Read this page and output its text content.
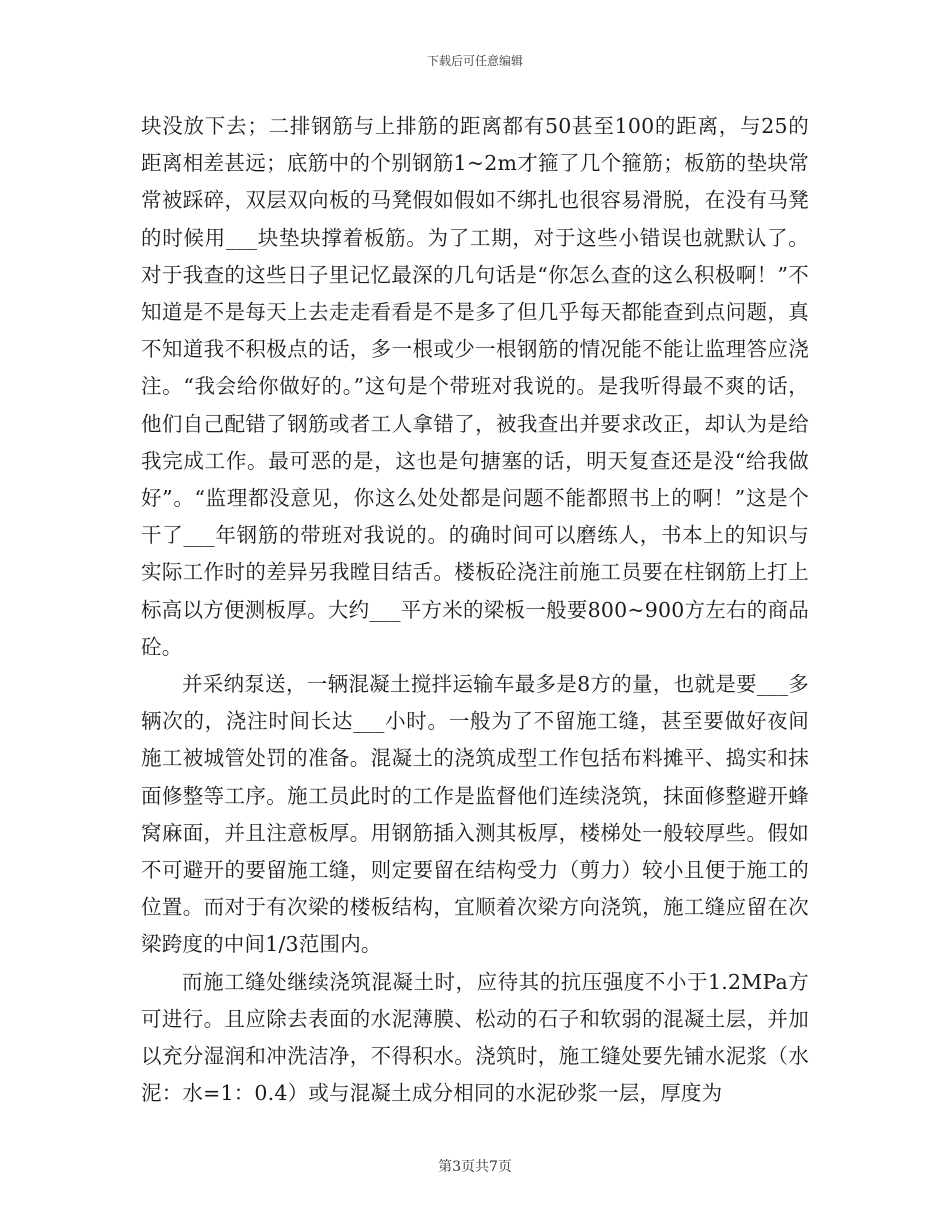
下载后可任意编辑

块没放下去；二排钢筋与上排筋的距离都有50甚至100的距离，与25的距离相差甚远；底筋中的个别钢筋1~2m才箍了几个箍筋；板筋的垫块常常被踩碎，双层双向板的马凳假如假如不绑扎也很容易滑脱，在没有马凳的时候用___块垫块撑着板筋。为了工期，对于这些小错误也就默认了。对于我查的这些日子里记忆最深的几句话是“你怎么查的这么积极啊！”不知道是不是每天上去走走看看是不是多了但几乎每天都能查到点问题，真不知道我不积极点的话，多一根或少一根钢筋的情况能不能让监理答应浇注。“我会给你做好的。”这句是个带班对我说的。是我听得最不爽的话，他们自己配错了钢筋或者工人拿错了，被我查出并要求改正，却认为是给我完成工作。最可恶的是，这也是句搪塞的话，明天复查还是没“给我做好”。“监理都没意见，你这么处处都是问题不能都照书上的啊！”这是个干了___年钢筋的带班对我说的。的确时间可以磨练人，书本上的知识与实际工作时的差异另我瞠目结舌。楼板砼浇注前施工员要在柱钢筋上打上标高以方便测板厚。大约___平方米的梁板一般要800~900方左右的商品砼。

并采纳泵送，一辆混凝土搅拌运输车最多是8方的量，也就是要___多辆次的，浇注时间长达___小时。一般为了不留施工缝，甚至要做好夜间施工被城管处罚的准备。混凝土的浇筑成型工作包括布料摊平、捣实和抹面修整等工序。施工员此时的工作是监督他们连续浇筑，抹面修整避开蜂窝麻面，并且注意板厚。用钢筋插入测其板厚，楼梯处一般较厚些。假如不可避开的要留施工缝，则定要留在结构受力（剪力）较小且便于施工的位置。而对于有次梁的楼板结构，宜顺着次梁方向浇筑，施工缝应留在次梁跨度的中间1/3范围内。

而施工缝处继续浇筑混凝土时，应待其的抗压强度不小于1.2MPa方可进行。且应除去表面的水泥薄膜、松动的石子和软弱的混凝土层，并加以充分湿润和冲洗洁净，不得积水。浇筑时，施工缝处要先铺水泥浆（水泥：水=1：0.4）或与混凝土成分相同的水泥砂浆一层，厚度为

第3页共7页
